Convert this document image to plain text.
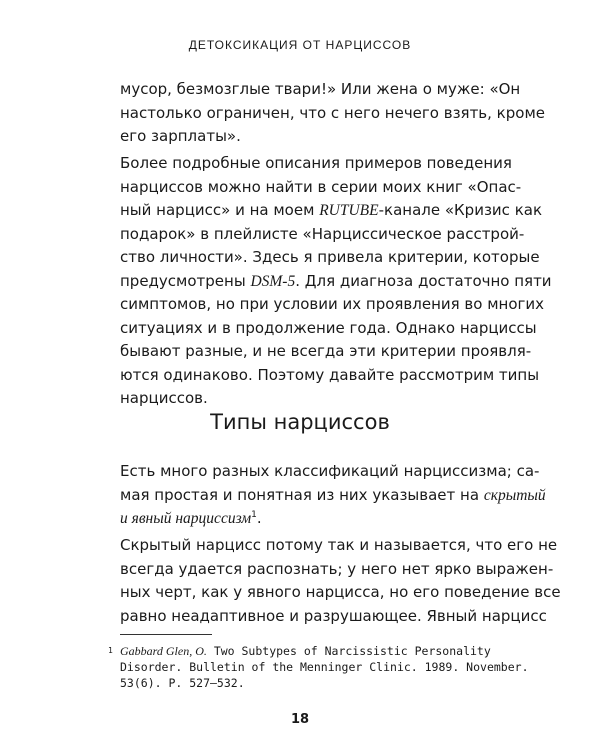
ДЕТОКСИКАЦИЯ ОТ НАРЦИССОВ
мусор, безмозглые твари!» Или жена о муже: «Он
настолько ограничен, что с него нечего взять, кроме
его зарплаты».
Более подробные описания примеров поведения
нарциссов можно найти в серии моих книг «Опас-
ный нарцисс» и на моем RUTUBE-канале «Кризис как
подарок» в плейлисте «Нарциссическое расстрой-
ство личности». Здесь я привела критерии, которые
предусмотрены DSM-5. Для диагноза достаточно пяти
симптомов, но при условии их проявления во многих
ситуациях и в продолжение года. Однако нарциссы
бывают разные, и не всегда эти критерии проявля-
ются одинаково. Поэтому давайте рассмотрим типы
нарциссов.
Типы нарциссов
Есть много разных классификаций нарциссизма; са-
мая простая и понятная из них указывает на скрытый
и явный нарциссизм$^1$.
Скрытый нарцисс потому так и называется, что его не
всегда удается распознать; у него нет ярко выражен-
ных черт, как у явного нарцисса, но его поведение все
равно неадаптивное и разрушающее. Явный нарцисс
1 Gabbard Glen, O. Two Subtypes of Narcissistic Personality
Disorder. Bulletin of the Menninger Clinic. 1989. November.
53(6). P. 527–532.
18
